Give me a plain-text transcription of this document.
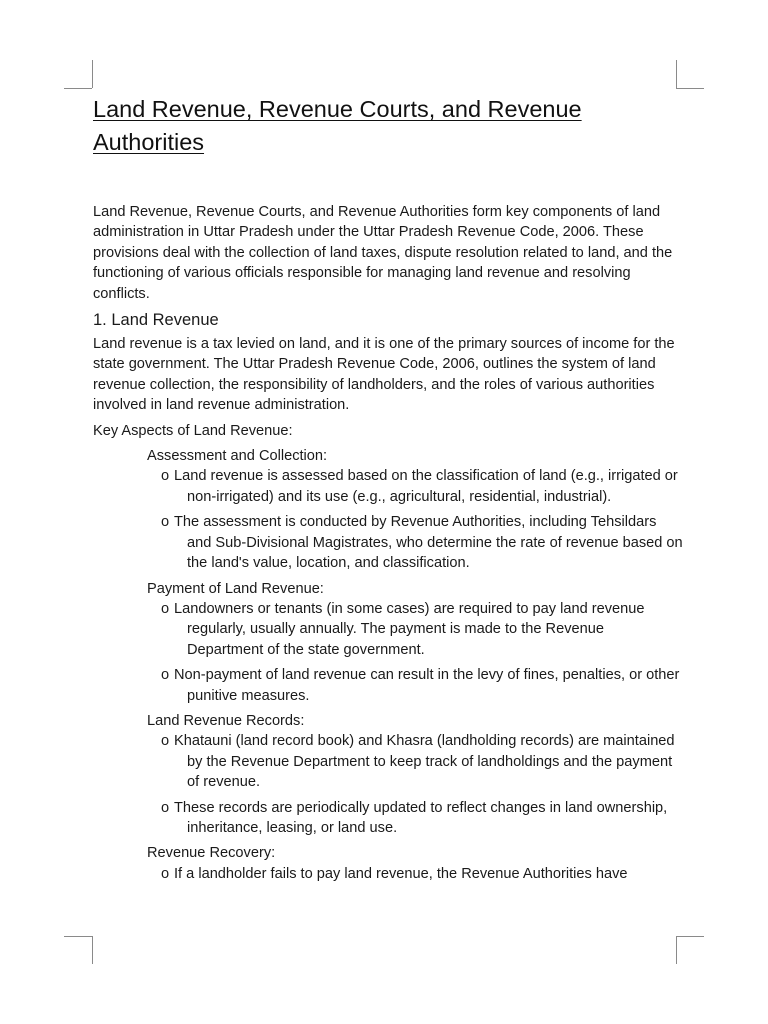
Land Revenue, Revenue Courts, and Revenue Authorities

Land Revenue, Revenue Courts, and Revenue Authorities form key components of land administration in Uttar Pradesh under the Uttar Pradesh Revenue Code, 2006. These provisions deal with the collection of land taxes, dispute resolution related to land, and the functioning of various officials responsible for managing land revenue and resolving conflicts.

1. Land Revenue

Land revenue is a tax levied on land, and it is one of the primary sources of income for the state government. The Uttar Pradesh Revenue Code, 2006, outlines the system of land revenue collection, the responsibility of landholders, and the roles of various authorities involved in land revenue administration.

Key Aspects of Land Revenue:

Assessment and Collection:

o Land revenue is assessed based on the classification of land (e.g., irrigated or non-irrigated) and its use (e.g., agricultural, residential, industrial).
o The assessment is conducted by Revenue Authorities, including Tehsildars and Sub-Divisional Magistrates, who determine the rate of revenue based on the land's value, location, and classification.

Payment of Land Revenue:

o Landowners or tenants (in some cases) are required to pay land revenue regularly, usually annually. The payment is made to the Revenue Department of the state government.
o Non-payment of land revenue can result in the levy of fines, penalties, or other punitive measures.

Land Revenue Records:

o Khatauni (land record book) and Khasra (landholding records) are maintained by the Revenue Department to keep track of landholdings and the payment of revenue.
o These records are periodically updated to reflect changes in land ownership, inheritance, leasing, or land use.

Revenue Recovery:

o If a landholder fails to pay land revenue, the Revenue Authorities have
